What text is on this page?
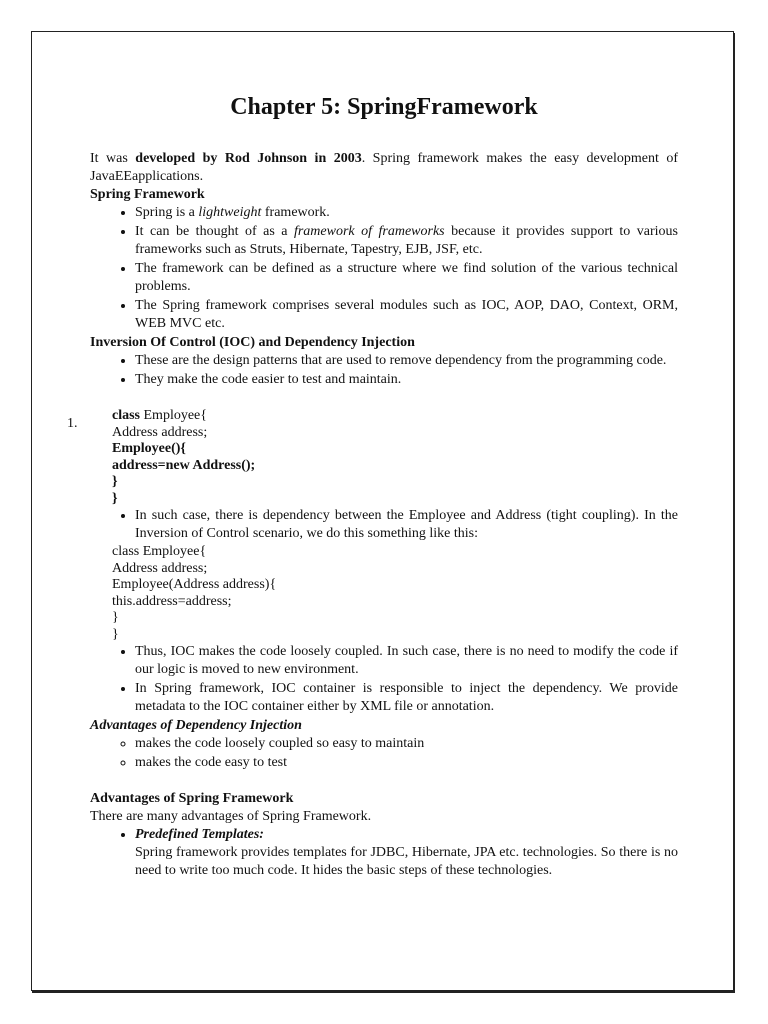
Chapter 5: SpringFramework
1.

It was developed by Rod Johnson in 2003. Spring framework makes the easy development of JavaEEapplications.

Spring Framework
• Spring is a lightweight framework.
• It can be thought of as a framework of frameworks because it provides support to various frameworks such as Struts, Hibernate, Tapestry, EJB, JSF, etc.
• The framework can be defined as a structure where we find solution of the various technical problems.
• The Spring framework comprises several modules such as IOC, AOP, DAO, Context, ORM, WEB MVC etc.
Inversion Of Control (IOC) and Dependency Injection
• These are the design patterns that are used to remove dependency from the programming code.
• They make the code easier to test and maintain.
class Employee{
Address address;
Employee(){
address=new Address();
}
}
• In such case, there is dependency between the Employee and Address (tight coupling). In the Inversion of Control scenario, we do this something like this:
class Employee{
Address address;
Employee(Address address){
this.address=address;
}
}
• Thus, IOC makes the code loosely coupled. In such case, there is no need to modify the code if our logic is moved to new environment.
• In Spring framework, IOC container is responsible to inject the dependency. We provide metadata to the IOC container either by XML file or annotation.
Advantages of Dependency Injection
◦ makes the code loosely coupled so easy to maintain
◦ makes the code easy to test
Advantages of Spring Framework

There are many advantages of Spring Framework.

• Predefined Templates:
Spring framework provides templates for JDBC, Hibernate, JPA etc. technologies. So there is no need to write too much code. It hides the basic steps of these technologies.
